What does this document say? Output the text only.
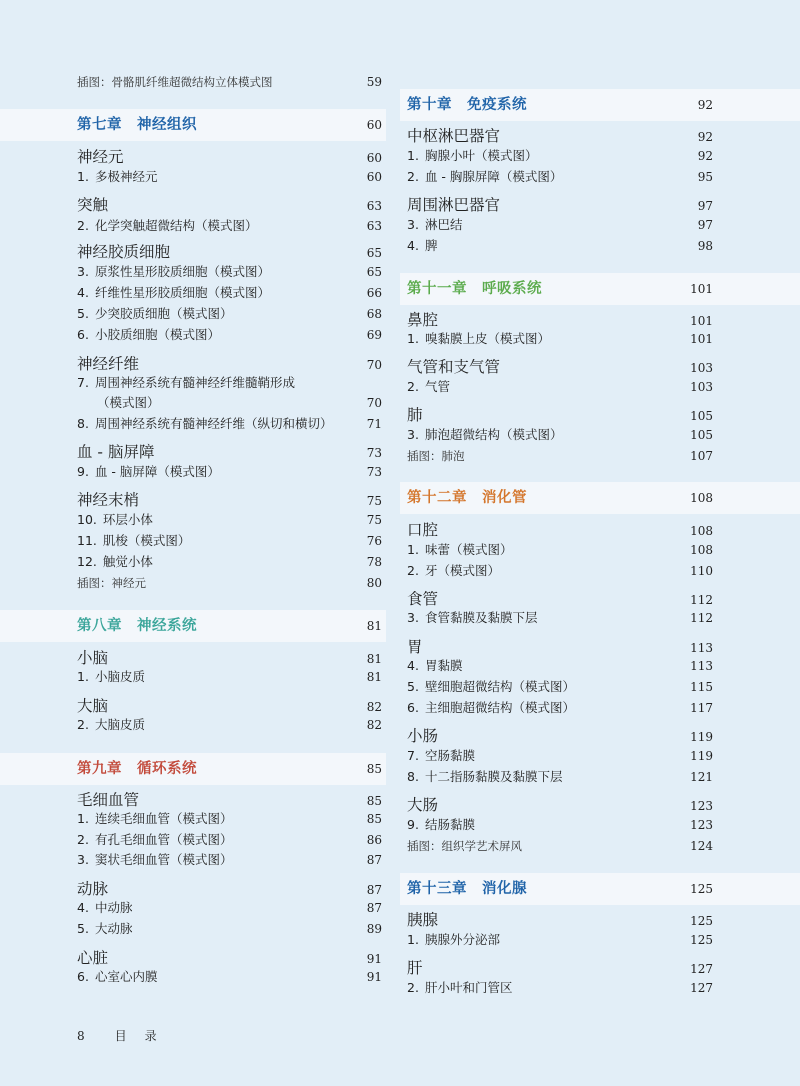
插图：骨骼肌纤维超微结构立体模式图	59
第七章　神经组织	60
神经元	60
1. 多极神经元	60
突触	63
2. 化学突触超微结构（模式图）	63
神经胶质细胞	65
3. 原浆性星形胶质细胞（模式图）	65
4. 纤维性星形胶质细胞（模式图）	66
5. 少突胶质细胞（模式图）	68
6. 小胶质细胞（模式图）	69
神经纤维	70
7. 周围神经系统有髓神经纤维髓鞘形成
（模式图）	70
8. 周围神经系统有髓神经纤维（纵切和横切）	71
血 - 脑屏障	73
9. 血 - 脑屏障（模式图）	73
神经末梢	75
10. 环层小体	75
11. 肌梭（模式图）	76
12. 触觉小体	78
插图：神经元	80
第八章　神经系统	81
小脑	81
1. 小脑皮质	81
大脑	82
2. 大脑皮质	82
第九章　循环系统	85
毛细血管	85
1. 连续毛细血管（模式图）	85
2. 有孔毛细血管（模式图）	86
3. 窦状毛细血管（模式图）	87
动脉	87
4. 中动脉	87
5. 大动脉	89
心脏	91
6. 心室心内膜	91
第十章　免疫系统	92
中枢淋巴器官	92
1. 胸腺小叶（模式图）	92
2. 血 - 胸腺屏障（模式图）	95
周围淋巴器官	97
3. 淋巴结	97
4. 脾	98
第十一章　呼吸系统	101
鼻腔	101
1. 嗅黏膜上皮（模式图）	101
气管和支气管	103
2. 气管	103
肺	105
3. 肺泡超微结构（模式图）	105
插图：肺泡	107
第十二章　消化管	108
口腔	108
1. 味蕾（模式图）	108
2. 牙（模式图）	110
食管	112
3. 食管黏膜及黏膜下层	112
胃	113
4. 胃黏膜	113
5. 壁细胞超微结构（模式图）	115
6. 主细胞超微结构（模式图）	117
小肠	119
7. 空肠黏膜	119
8. 十二指肠黏膜及黏膜下层	121
大肠	123
9. 结肠黏膜	123
插图：组织学艺术屏风	124
第十三章　消化腺	125
胰腺	125
1. 胰腺外分泌部	125
肝	127
2. 肝小叶和门管区	127
8	目录
